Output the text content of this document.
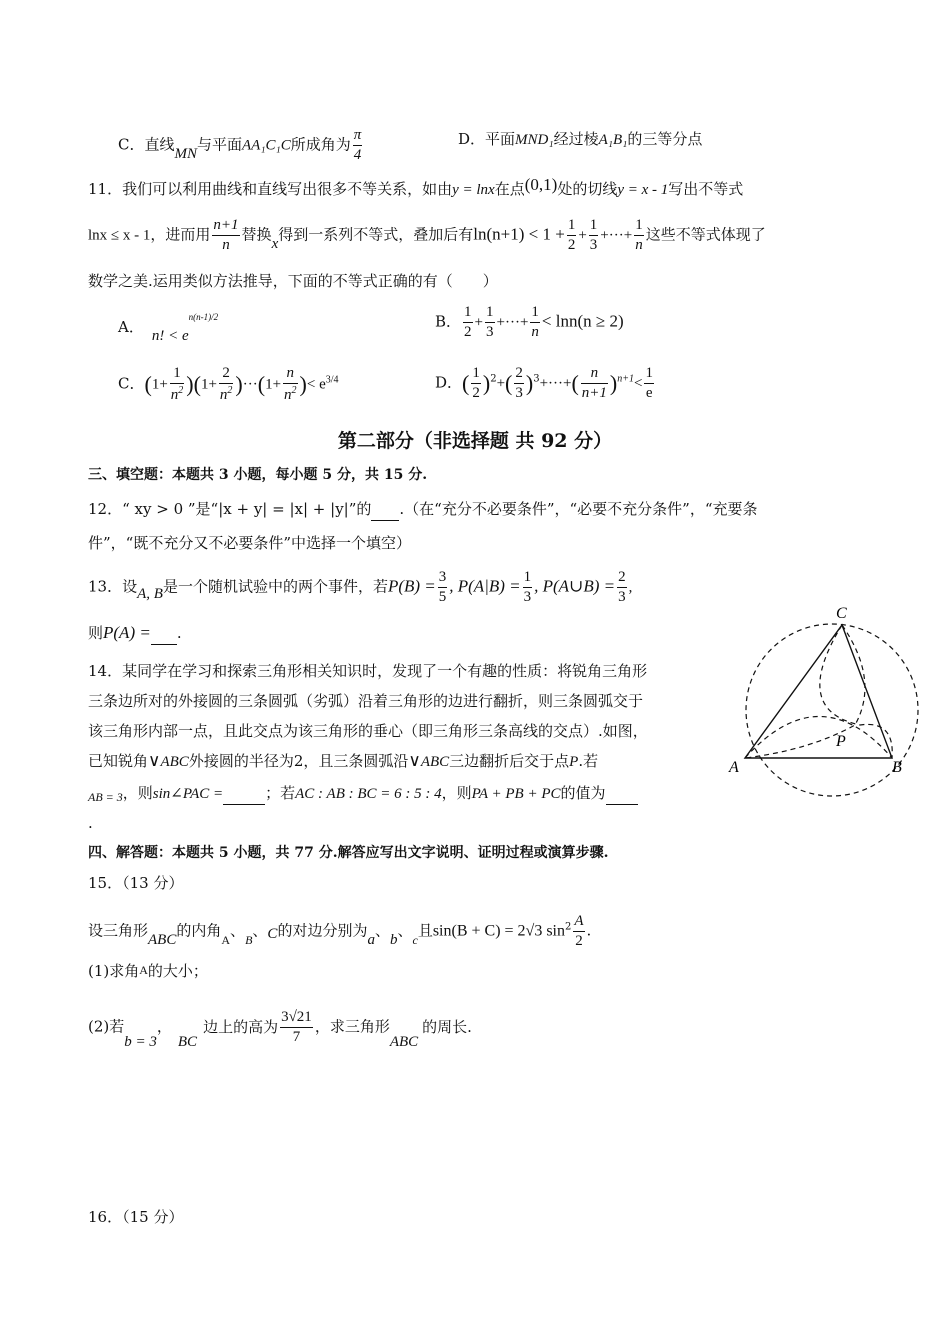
C．直线MN与平面AA₁C₁C所成角为 $\frac{\pi}{4}$	D．平面MND₁经过棱A₁B₁的三等分点
11．我们可以利用曲线和直线写出很多不等关系，如由y = lnx在点(0,1)处的切线y = x - 1写出不等式
lnx ≤ x - 1，进而用 $\frac{n+1}{n}$ 替换x得到一系列不等式，叠加后有$\ln(n+1) < 1 + \frac{1}{2} + \frac{1}{3}$ +···+ $\frac{1}{n}$ 这些不等式体现了
数学之美.运用类似方法推导，下面的不等式正确的有（　　）
A． n! < $e^{n(n-1)/2}$	B． $\frac{1}{2} + \frac{1}{3}$ +···+ $\frac{1}{n} < \ln n(n \ge 2)$
C．$(1+ \frac{1}{n^2} )(1+ \frac{2}{n^2} )\cdot\cdot\cdot(1+ \frac{n}{n^2}$ )< $e^{3/4}$	D．( $\frac{1}{2} )^2+( \frac{2}{3} )^3+\cdot\cdot\cdot+( \frac{n}{n+1} )^{n+1}< \frac{1}{e}$
第二部分（非选择题 共 92 分）
三、填空题：本题共 3 小题，每小题 5 分，共 15 分.
12．“ xy > 0 ”是“|x + y| = |x| + |y|”的 .（在“充分不必要条件”，“必要不充分条件”，“充要条
件”，“既不充分又不必要条件”中选择一个填空）
13．设A, B是一个随机试验中的两个事件，若$P(B) = \frac{3}{5}$ , $P(A|B) = \frac{1}{3}$ , P(A∪B) = $\frac{2}{3}$ ,
则P(A) = .
14．某同学在学习和探索三角形相关知识时，发现了一个有趣的性质：将锐角三角形
三条边所对的外接圆的三条圆弧（劣弧）沿着三角形的边进行翻折，则三条圆弧交于
该三角形内部一点，且此交点为该三角形的垂心（即三角形三条高线的交点）.如图，
已知锐角∨ABC外接圆的半径为2，且三条圆弧沿∨ABC三边翻折后交于点P.若
$_{AB = 3}$，则sin∠PAC =	；若AC : AB : BC = 6 : 5 : 4，则PA + PB + PC的值为
.
A	B
C
P
四、解答题：本题共 5 小题，共 77 分.解答应写出文字说明、证明过程或演算步骤.
15．（13 分）
设三角形ABC的内角$_A$、$_B$、C的对边分别为a、b、$_c$且sin(B + C) = 2√3 $\sin^2 \frac{A}{2}$ .
(1)求角A的大小；
(2)若b = 3，BC边上的高为 $\frac{3√21}{7}$ ，求三角形ABC的周长.
16．（15 分）
